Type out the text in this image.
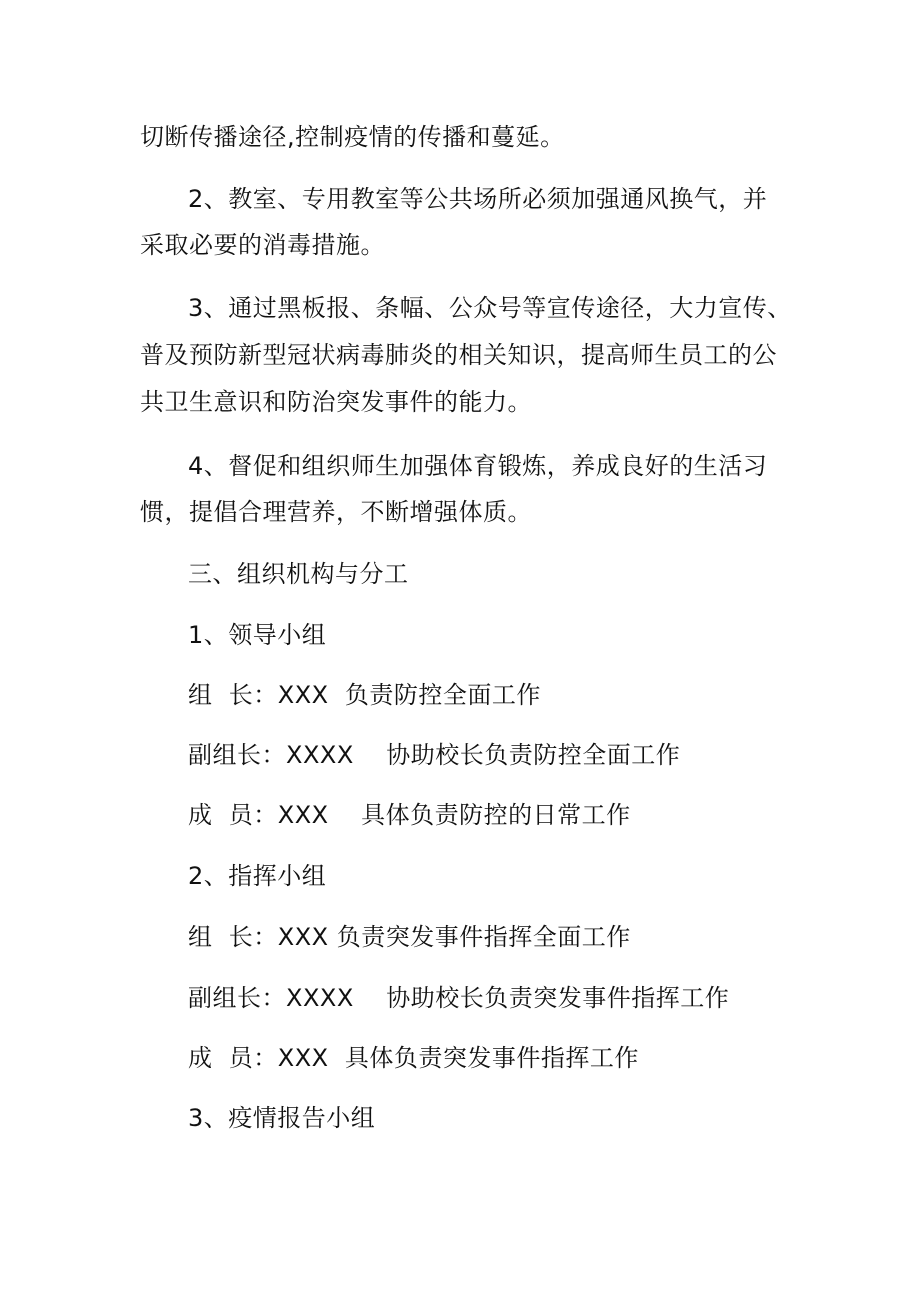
切断传播途径,控制疫情的传播和蔓延。
2、教室、专用教室等公共场所必须加强通风换气，并
采取必要的消毒措施。
3、通过黑板报、条幅、公众号等宣传途径，大力宣传、
普及预防新型冠状病毒肺炎的相关知识，提高师生员工的公
共卫生意识和防治突发事件的能力。
4、督促和组织师生加强体育锻炼，养成良好的生活习
惯，提倡合理营养，不断增强体质。
三、组织机构与分工
1、领导小组
组  长：XXX  负责防控全面工作
副组长：XXXX    协助校长负责防控全面工作
成  员：XXX    具体负责防控的日常工作
2、指挥小组
组  长：XXX 负责突发事件指挥全面工作
副组长：XXXX    协助校长负责突发事件指挥工作
成  员：XXX  具体负责突发事件指挥工作
3、疫情报告小组
